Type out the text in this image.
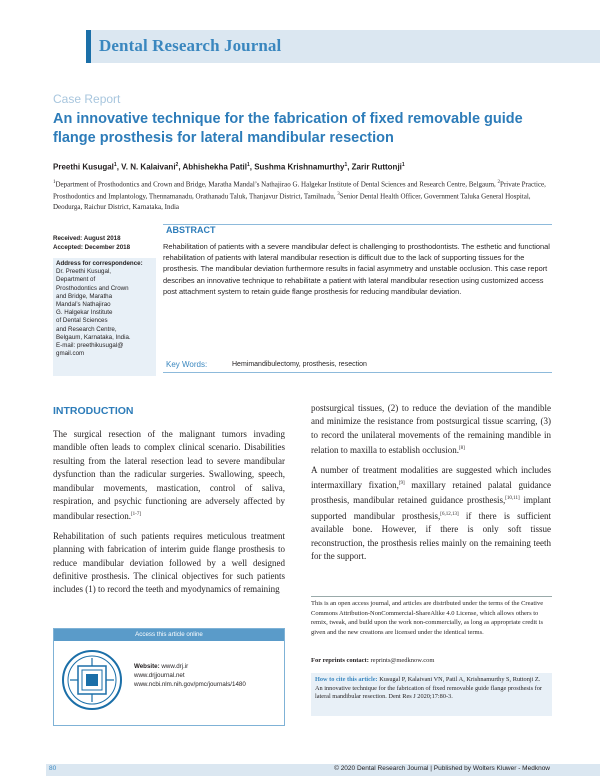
Dental Research Journal
Case Report
An innovative technique for the fabrication of fixed removable guide flange prosthesis for lateral mandibular resection
Preethi Kusugal$^1$, V. N. Kalaivani$^2$, Abhishekha Patil$^1$, Sushma Krishnamurthy$^1$, Zarir Ruttonji$^1$
$^1$Department of Prosthodontics and Crown and Bridge, Maratha Mandal’s Nathajirao G. Halgekar Institute of Dental Sciences and Research Centre, Belgaum, $^2$Private Practice, Prosthodontics and Implantology, Thennamanadu, Orathanadu Taluk, Thanjavur District, Tamilnadu, $^3$Senior Dental Health Officer, Government Taluka General Hospital, Deodurga, Raichur District, Karnataka, India
ABSTRACT
Rehabilitation of patients with a severe mandibular defect is challenging to prosthodontists. The esthetic and functional rehabilitation of patients with lateral mandibular resection is difficult due to the lack of supporting tissues for the prosthesis. The mandibular deviation furthermore results in facial asymmetry and unstable occlusion. This case report describes an innovative technique to rehabilitate a patient with lateral mandibular resection using customized access post attachment system to retain guide flange prosthesis for reducing mandibular deviation.
Received: August 2018
Accepted: December 2018
Address for correspondence:
Dr. Preethi Kusugal,
Department of
Prosthodontics and Crown
and Bridge, Maratha
Mandal’s Nathajirao
G. Halgekar Institute
of Dental Sciences
and Research Centre,
Belgaum, Karnataka, India.
E-mail: preethikusugal@
gmail.com
Key Words:	Hemimandibulectomy, prosthesis, resection
INTRODUCTION

The surgical resection of the malignant tumors invading mandible often leads to complex clinical scenario. Disabilities resulting from the lateral resection lead to severe mandibular dysfunction than the radicular surgeries. Swallowing, speech, mandibular movements, mastication, control of saliva, respiration, and psychic functioning are adversely affected by mandibular resection.[1-7]

Rehabilitation of such patients requires meticulous treatment planning with fabrication of interim guide flange prosthesis to reduce mandibular deviation followed by a well designed definitive prosthesis. The clinical objectives for such patients includes (1) to record the teeth and myodynamics of remaining

postsurgical tissues, (2) to reduce the deviation of the mandible and minimize the resistance from postsurgical tissue scarring, (3) to record the unilateral movements of the remaining mandible in relation to maxilla to establish occlusion.[8]

A number of treatment modalities are suggested which includes intermaxillary fixation,[9] maxillary retained palatal guidance prosthesis, mandibular retained guidance prosthesis,[10,11] implant supported mandibular prosthesis,[6,12,13] if there is sufficient available bone. However, if there is only soft tissue reconstruction, the prosthesis relies mainly on the remaining teeth for the support.

This is an open access journal, and articles are distributed under the terms of the Creative Commons Attribution-NonCommercial-ShareAlike 4.0 License, which allows others to remix, tweak, and build upon the work non-commercially, as long as appropriate credit is given and the new creations are licensed under the identical terms.
For reprints contact: reprints@medknow.com
How to cite this article: Kusugal P, Kalaivani VN, Patil A, Krishnamurthy S, Ruttonji Z. An innovative technique for the fabrication of fixed removable guide flange prosthesis for lateral mandibular resection. Dent Res J 2020;17:80-3.
Access this article online
Website: www.drj.ir
www.drjjournal.net
www.ncbi.nlm.nih.gov/pmc/journals/1480
80	© 2020 Dental Research Journal | Published by Wolters Kluwer - Medknow
